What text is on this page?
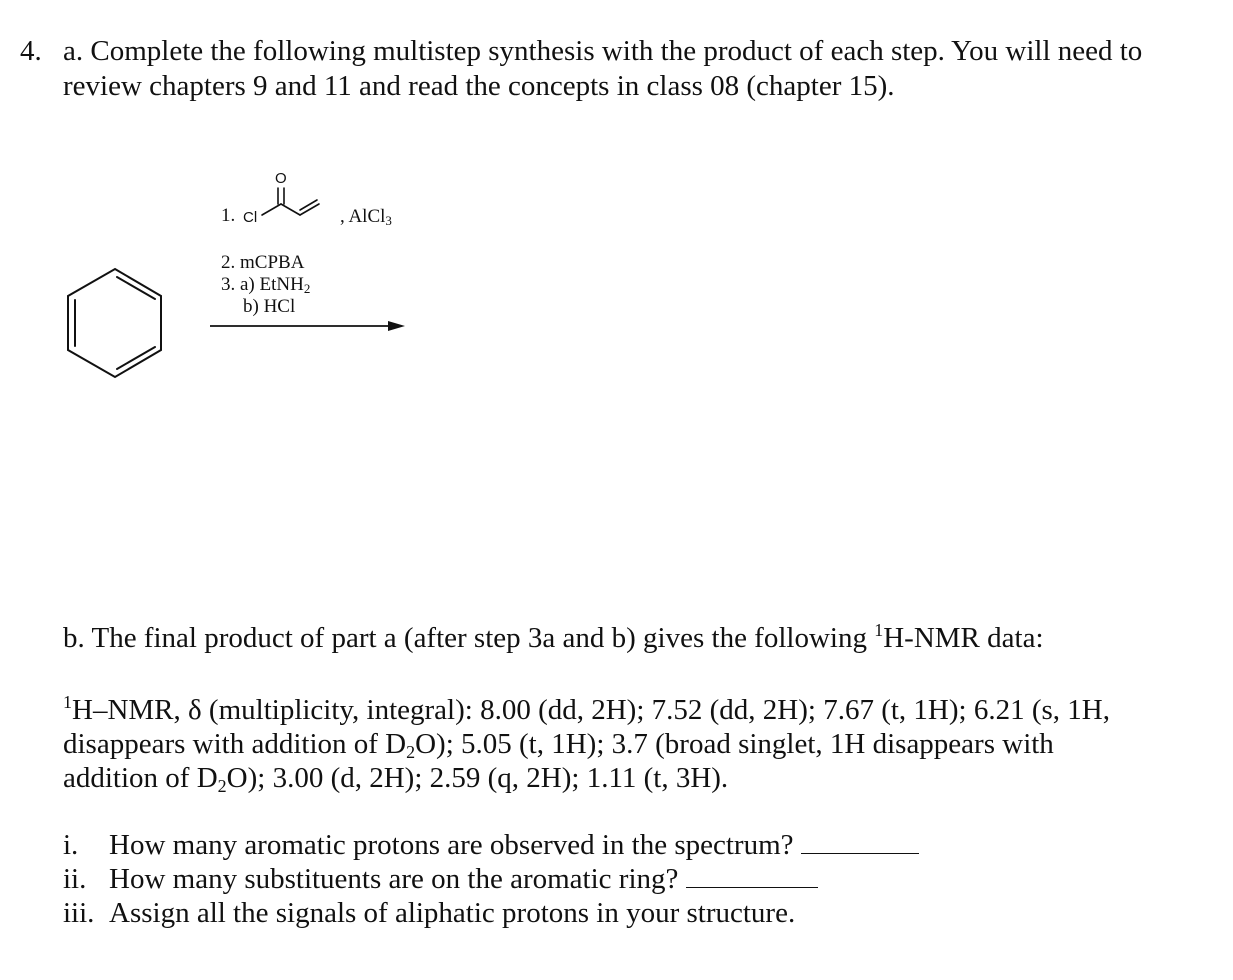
4. a. Complete the following multistep synthesis with the product of each step. You will need to
review chapters 9 and 11 and read the concepts in class 08 (chapter 15).
1. Cl
O
, AlCl$_3$
2. mCPBA
3. a) EtNH$_2$
b) HCl
b. The final product of part a (after step 3a and b) gives the following $^1$H-NMR data:
$^1$H–NMR, δ (multiplicity, integral): 8.00 (dd, 2H); 7.52 (dd, 2H); 7.67 (t, 1H); 6.21 (s, 1H,
disappears with addition of $D_2O$); 5.05 (t, 1H); 3.7 (broad singlet, 1H disappears with
addition of $D_2O$); 3.00 (d, 2H); 2.59 (q, 2H); 1.11 (t, 3H).
i. How many aromatic protons are observed in the spectrum?
ii. How many substituents are on the aromatic ring?
iii. Assign all the signals of aliphatic protons in your structure.
